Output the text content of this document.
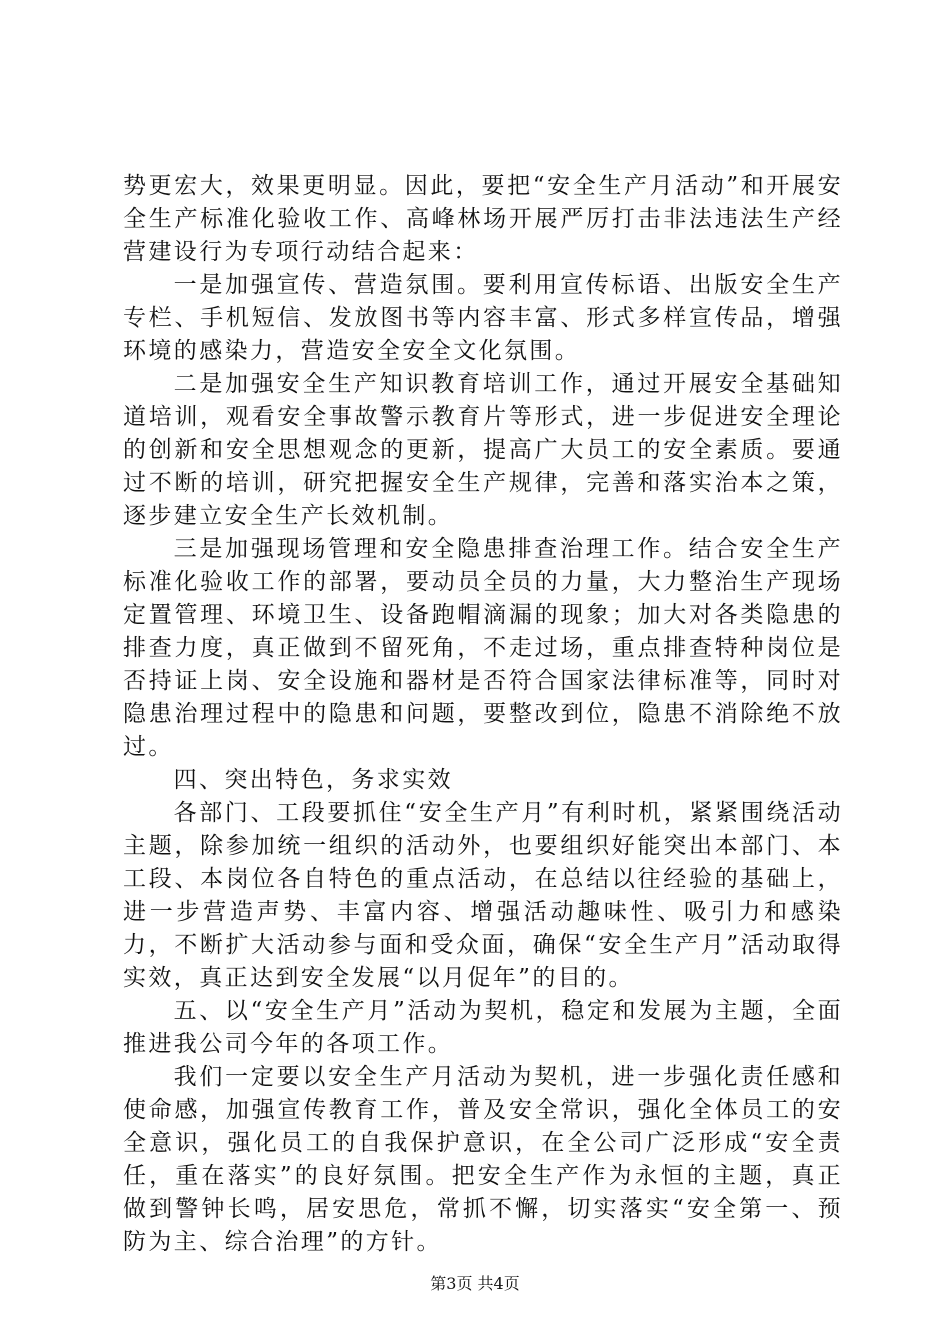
势更宏大，效果更明显。因此，要把“安全生产月活动”和开展安全生产标准化验收工作、高峰林场开展严厉打击非法违法生产经营建设行为专项行动结合起来：

一是加强宣传、营造氛围。要利用宣传标语、出版安全生产专栏、手机短信、发放图书等内容丰富、形式多样宣传品，增强环境的感染力，营造安全安全文化氛围。

二是加强安全生产知识教育培训工作，通过开展安全基础知道培训，观看安全事故警示教育片等形式，进一步促进安全理论的创新和安全思想观念的更新，提高广大员工的安全素质。要通过不断的培训，研究把握安全生产规律，完善和落实治本之策，逐步建立安全生产长效机制。

三是加强现场管理和安全隐患排查治理工作。结合安全生产标准化验收工作的部署，要动员全员的力量，大力整治生产现场定置管理、环境卫生、设备跑帽滴漏的现象；加大对各类隐患的排查力度，真正做到不留死角，不走过场，重点排查特种岗位是否持证上岗、安全设施和器材是否符合国家法律标准等，同时对隐患治理过程中的隐患和问题，要整改到位，隐患不消除绝不放过。

四、突出特色，务求实效

各部门、工段要抓住“安全生产月”有利时机，紧紧围绕活动主题，除参加统一组织的活动外，也要组织好能突出本部门、本工段、本岗位各自特色的重点活动，在总结以往经验的基础上，进一步营造声势、丰富内容、增强活动趣味性、吸引力和感染力，不断扩大活动参与面和受众面，确保“安全生产月”活动取得实效，真正达到安全发展“以月促年”的目的。

五、以“安全生产月”活动为契机，稳定和发展为主题，全面推进我公司今年的各项工作。

我们一定要以安全生产月活动为契机，进一步强化责任感和使命感，加强宣传教育工作，普及安全常识，强化全体员工的安全意识，强化员工的自我保护意识，在全公司广泛形成“安全责任，重在落实”的良好氛围。把安全生产作为永恒的主题，真正做到警钟长鸣，居安思危，常抓不懈，切实落实“安全第一、预防为主、综合治理”的方针。

第3页 共4页
